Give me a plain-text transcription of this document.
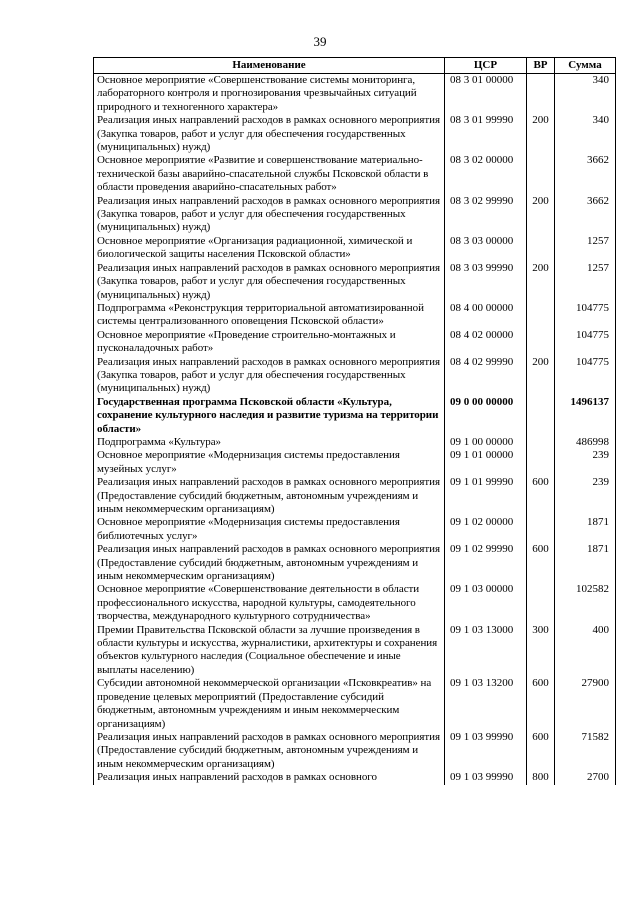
39
Наименование	ЦСР	ВР	Сумма
Основное мероприятие «Совершенствование системы мониторинга, лабораторного контроля и прогнозирования чрезвычайных ситуаций природного и техногенного характера»	08 3 01 00000		340
Реализация иных направлений расходов в рамках основного мероприятия (Закупка товаров, работ и услуг для обеспечения государственных (муниципальных) нужд)	08 3 01 99990	200	340
Основное мероприятие «Развитие и совершенствование материально-технической базы аварийно-спасательной службы Псковской области в области проведения аварийно-спасательных работ»	08 3 02 00000		3662
Реализация иных направлений расходов в рамках основного мероприятия (Закупка товаров, работ и услуг для обеспечения государственных (муниципальных) нужд)	08 3 02 99990	200	3662
Основное мероприятие «Организация радиационной, химической и биологической защиты населения Псковской области»	08 3 03 00000		1257
Реализация иных направлений расходов в рамках основного мероприятия (Закупка товаров, работ и услуг для обеспечения государственных (муниципальных) нужд)	08 3 03 99990	200	1257
Подпрограмма «Реконструкция территориальной автоматизированной системы централизованного оповещения Псковской области»	08 4 00 00000		104775
Основное мероприятие «Проведение строительно-монтажных и пусконаладочных работ»	08 4 02 00000		104775
Реализация иных направлений расходов в рамках основного мероприятия (Закупка товаров, работ и услуг для обеспечения государственных (муниципальных) нужд)	08 4 02 99990	200	104775
Государственная программа Псковской области «Культура, сохранение культурного наследия и развитие туризма на территории области»	09 0 00 00000		1496137
Подпрограмма «Культура»	09 1 00 00000		486998
Основное мероприятие «Модернизация системы предоставления музейных услуг»	09 1 01 00000		239
Реализация иных направлений расходов в рамках основного мероприятия (Предоставление субсидий бюджетным, автономным учреждениям и иным некоммерческим организациям)	09 1 01 99990	600	239
Основное мероприятие «Модернизация системы предоставления библиотечных услуг»	09 1 02 00000		1871
Реализация иных направлений расходов в рамках основного мероприятия (Предоставление субсидий бюджетным, автономным учреждениям и иным некоммерческим организациям)	09 1 02 99990	600	1871
Основное мероприятие «Совершенствование деятельности в области профессионального искусства, народной культуры, самодеятельного творчества, международного культурного сотрудничества»	09 1 03 00000		102582
Премии Правительства Псковской области за лучшие произведения в области культуры и искусства, журналистики, архитектуры и сохранения объектов культурного наследия (Социальное обеспечение и иные выплаты населению)	09 1 03 13000	300	400
Субсидии автономной некоммерческой организации «Псковкреатив» на проведение целевых мероприятий (Предоставление субсидий бюджетным, автономным учреждениям и иным некоммерческим организациям)	09 1 03 13200	600	27900
Реализация иных направлений расходов в рамках основного мероприятия (Предоставление субсидий бюджетным, автономным учреждениям и иным некоммерческим организациям)	09 1 03 99990	600	71582
Реализация иных направлений расходов в рамках основного	09 1 03 99990	800	2700
